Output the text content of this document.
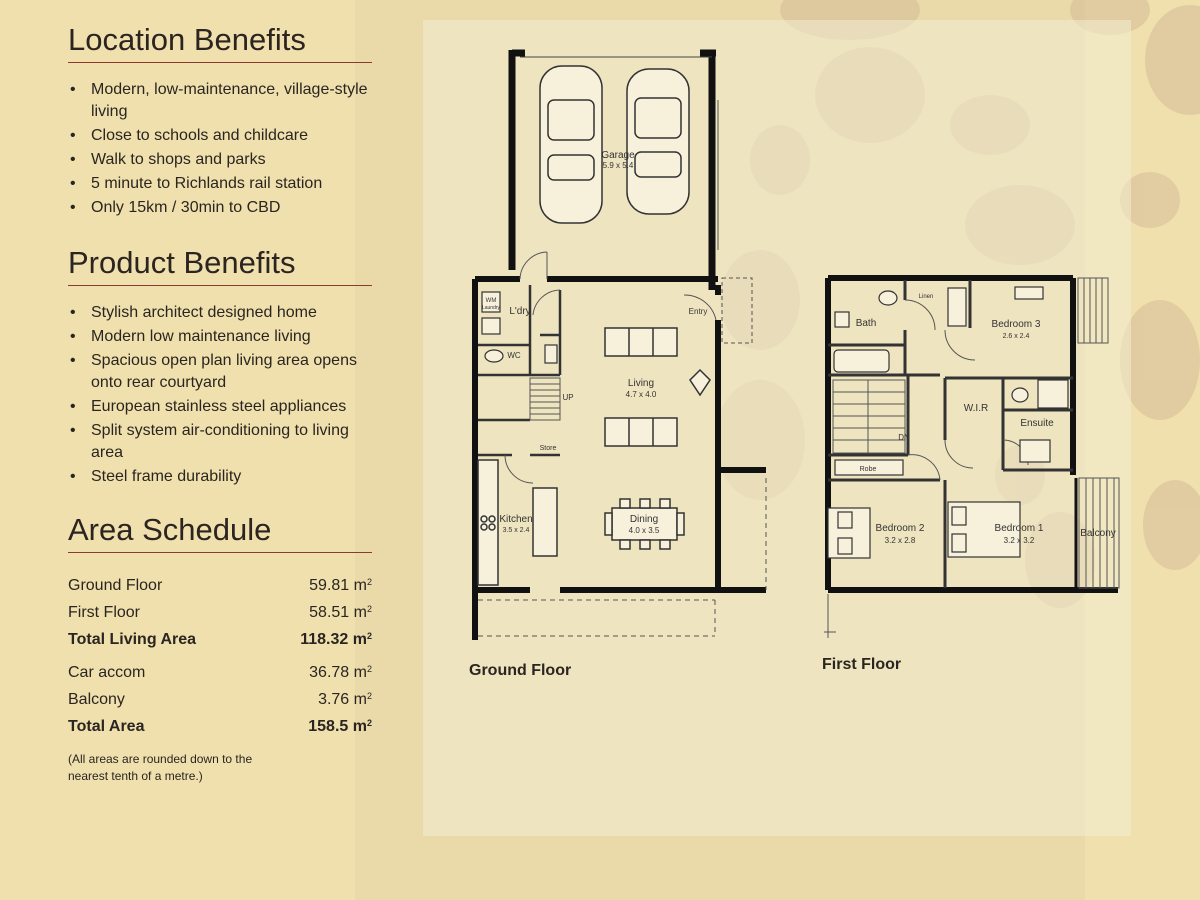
Location Benefits
• Modern, low-maintenance, village-style living
• Close to schools and childcare
• Walk to shops and parks
• 5 minute to Richlands rail station
• Only 15km / 30min to CBD
Product Benefits
• Stylish architect designed home
• Modern low maintenance living
• Spacious open plan living area opens onto rear courtyard
• European stainless steel appliances
• Split system air-conditioning to living area
• Steel frame durability
Area Schedule
Ground Floor	59.81 $m^2$
First Floor	58.51 $m^2$
Total Living Area	118.32 $m^2$
Car accom	36.78 $m^2$
Balcony	3.76 $m^2$
Total Area	158.5 $m^2$
(All areas are rounded down to the nearest tenth of a metre.)
Garage
5.9 x 5.4
L'dry
WM
Laundry
WC
Entry
Living
4.7 x 4.0
UP
Store
Kitchen
3.5 x 2.4
Dining
4.0 x 3.5
Bath
Linen
Bedroom 3
2.6 x 2.4
W.I.R
Ensuite
DN
Robe
Bedroom 2
3.2 x 2.8
Bedroom 1
3.2 x 3.2
Balcony
Ground Floor	First Floor
